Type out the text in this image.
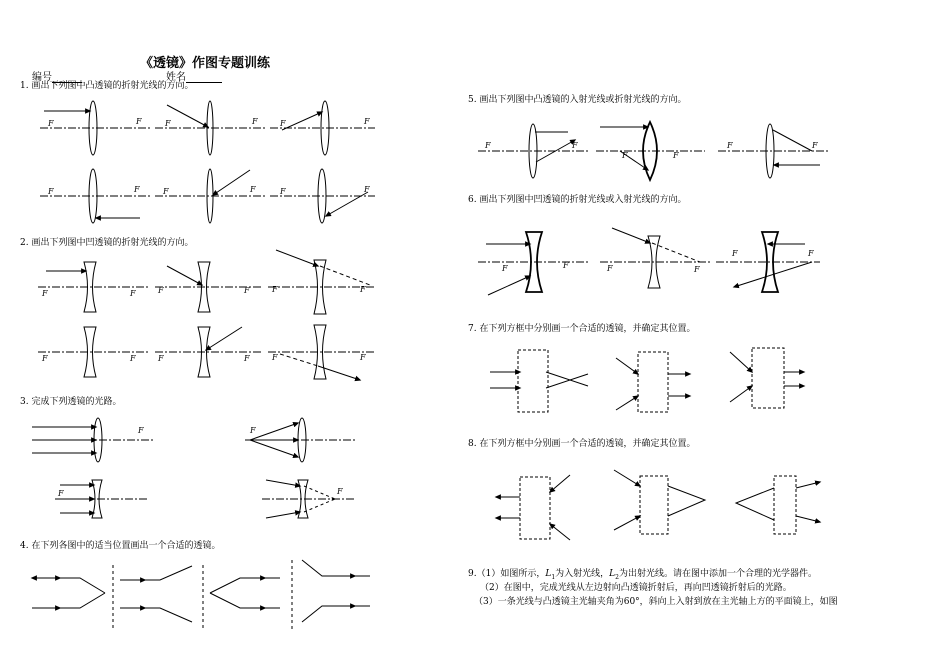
《透镜》作图专题训练
编号	姓名
1. 画出下列图中凸透镜的折射光线的方向。
2. 画出下列图中凹透镜的折射光线的方向。
3. 完成下列透镜的光路。
4. 在下列各图中的适当位置画出一个合适的透镜。
5. 画出下列图中凸透镜的入射光线或折射光线的方向。
6. 画出下列图中凹透镜的折射光线或入射光线的方向。
7. 在下列方框中分别画一个合适的透镜，并确定其位置。
8. 在下列方框中分别画一个合适的透镜，并确定其位置。
9.（1）如图所示，$L_1$为入射光线，$L_2$为出射光线。请在图中添加一个合理的光学器件。
（2）在图中，完成光线从左边射向凸透镜折射后，再向凹透镜折射后的光路。
（3）一条光线与凸透镜主光轴夹角为60°，斜向上入射到放在主光轴上方的平面镜上，如图
F	F	F	F	F	F
F	F	F	F	F	F
F	F	F	F	F	F
F	F	F	F	F	F
F	F
F	F
F	F
F	F
F	F
F	F	F	F
F	F
